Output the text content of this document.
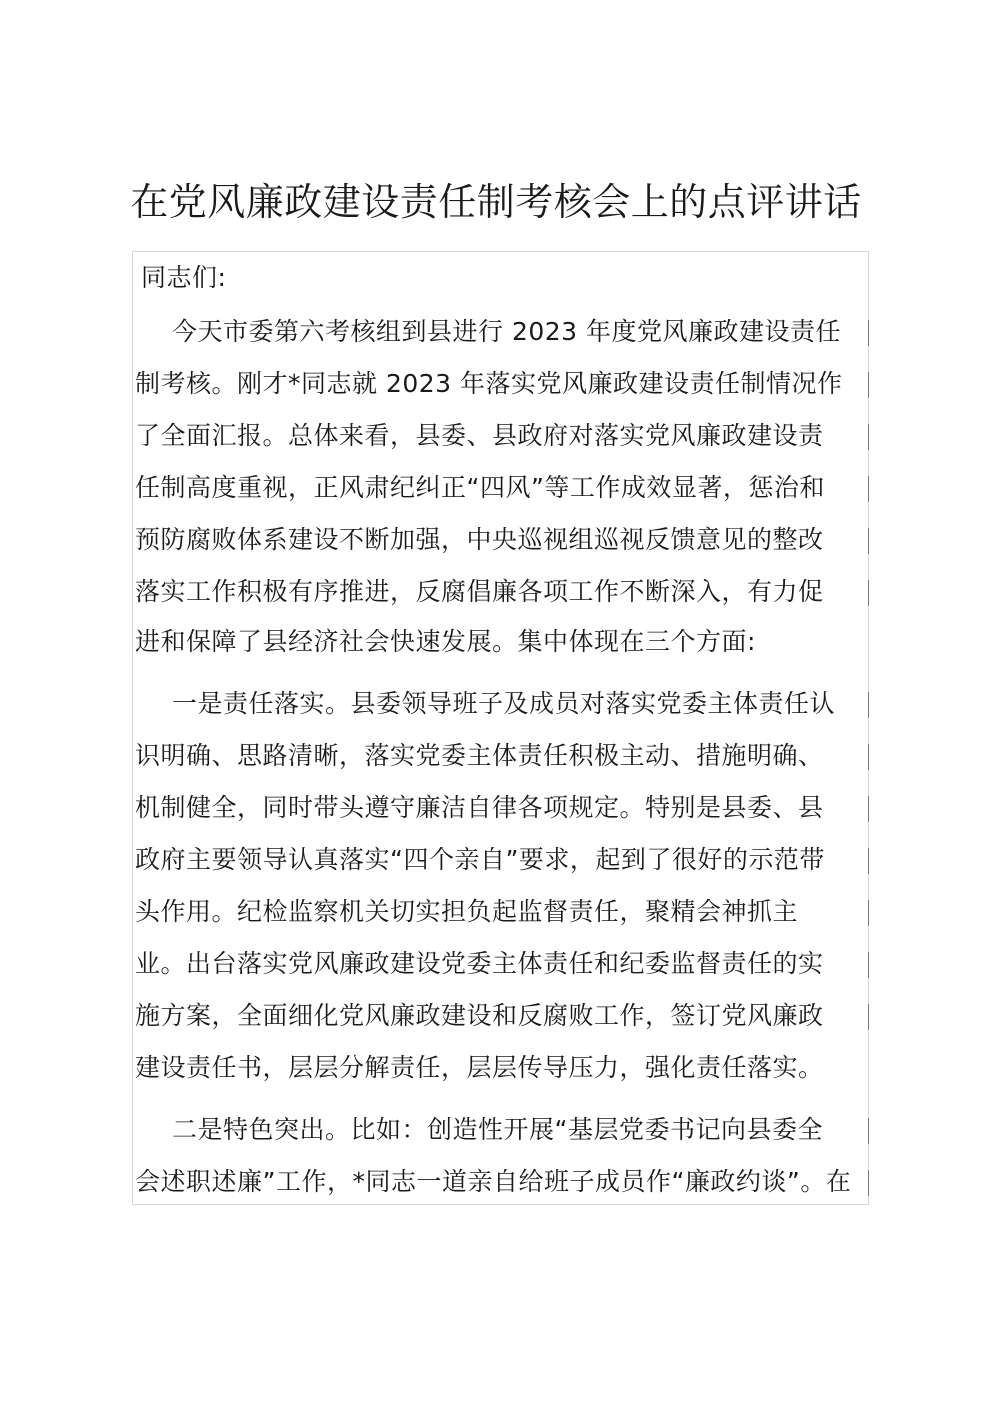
在党风廉政建设责任制考核会上的点评讲话
同志们:
今天市委第六考核组到县进行 2023 年度党风廉政建设责任
制考核。刚才*同志就 2023 年落实党风廉政建设责任制情况作
了全面汇报。总体来看，县委、县政府对落实党风廉政建设责
任制高度重视，正风肃纪纠正“四风”等工作成效显著，惩治和
预防腐败体系建设不断加强，中央巡视组巡视反馈意见的整改
落实工作积极有序推进，反腐倡廉各项工作不断深入，有力促
进和保障了县经济社会快速发展。集中体现在三个方面:
一是责任落实。县委领导班子及成员对落实党委主体责任认
识明确、思路清晰，落实党委主体责任积极主动、措施明确、
机制健全，同时带头遵守廉洁自律各项规定。特别是县委、县
政府主要领导认真落实“四个亲自”要求，起到了很好的示范带
头作用。纪检监察机关切实担负起监督责任，聚精会神抓主
业。出台落实党风廉政建设党委主体责任和纪委监督责任的实
施方案，全面细化党风廉政建设和反腐败工作，签订党风廉政
建设责任书，层层分解责任，层层传导压力，强化责任落实。
二是特色突出。比如：创造性开展“基层党委书记向县委全
会述职述廉”工作，*同志一道亲自给班子成员作“廉政约谈”。在
